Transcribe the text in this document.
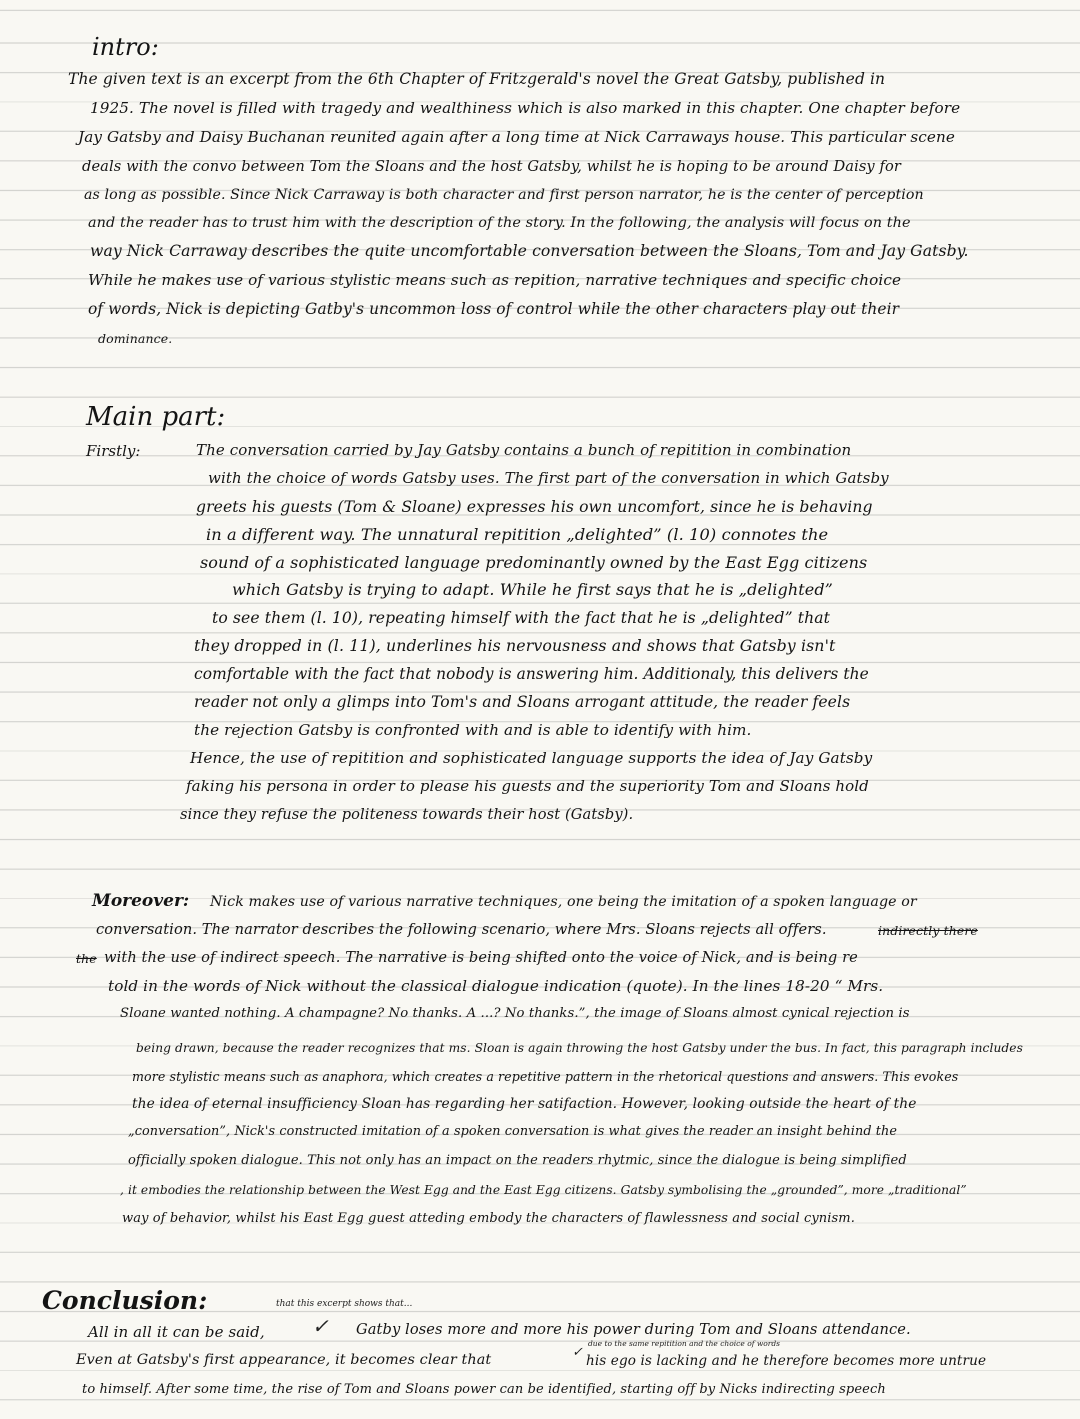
intro:
The given text is an excerpt from the 6th Chapter of Fritzgerald's novel the Great Gatsby, published in
1925. The novel is filled with tragedy and wealthiness which is also marked in this chapter. One chapter before
Jay Gatsby and Daisy Buchanan reunited again after a long time at Nick Carraways house. This particular scene
deals with the convo between Tom the Sloans and the host Gatsby, whilst he is hoping to be around Daisy for
as long as possible. Since Nick Carraway is both character and first person narrator, he is the center of perception
and the reader has to trust him with the description of the story. In the following, the analysis will focus on the
way Nick Carraway describes the quite uncomfortable conversation between the Sloans, Tom and Jay Gatsby.
While he makes use of various stylistic means such as repition, narrative techniques and specific choice
of words, Nick is depicting Gatby's uncommon loss of control while the other characters play out their
dominance.
Main part:
Firstly:	The conversation carried by Jay Gatsby contains a bunch of repitition in combination
with the choice of words Gatsby uses. The first part of the conversation in which Gatsby
greets his guests (Tom & Sloane) expresses his own uncomfort, since he is behaving
in a different way. The unnatural repitition „delighted” (l. 10) connotes the
sound of a sophisticated language predominantly owned by the East Egg citizens
which Gatsby is trying to adapt. While he first says that he is „delighted”
to see them (l. 10), repeating himself with the fact that he is „delighted” that
they dropped in (l. 11), underlines his nervousness and shows that Gatsby isn't
comfortable with the fact that nobody is answering him. Additionaly, this delivers the
reader not only a glimps into Tom's and Sloans arrogant attitude, the reader feels
the rejection Gatsby is confronted with and is able to identify with him.
Hence, the use of repitition and sophisticated language supports the idea of Jay Gatsby
faking his persona in order to please his guests and the superiority Tom and Sloans hold
since they refuse the politeness towards their host (Gatsby).
Moreover: Nick makes use of various narrative techniques, one being the imitation of a spoken language or
conversation. The narrator describes the following scenario, where Mrs. Sloans rejects all offers.	indirectly there
the with the use of indirect speech. The narrative is being shifted onto the voice of Nick, and is being re
told in the words of Nick without the classical dialogue indication (quote). In the lines 18-20 “ Mrs.
Sloane wanted nothing. A champagne? No thanks. A ...? No thanks.”, the image of Sloans almost cynical rejection is
being drawn, because the reader recognizes that ms. Sloan is again throwing the host Gatsby under the bus. In fact, this paragraph includes
more stylistic means such as anaphora, which creates a repetitive pattern in the rhetorical questions and answers. This evokes
the idea of eternal insufficiency Sloan has regarding her satifaction. However, looking outside the heart of the
„conversation”, Nick's constructed imitation of a spoken conversation is what gives the reader an insight behind the
officially spoken dialogue. This not only has an impact on the readers rhytmic, since the dialogue is being simplified
, it embodies the relationship between the West Egg and the East Egg citizens. Gatsby symbolising the „grounded”, more „traditional”
way of behavior, whilst his East Egg guest atteding embody the characters of flawlessness and social cynism.
Conclusion:	that this excerpt shows that...
due to the same repitition and the choice of words
All in all it can be said, ✓ Gatby loses more and more his power during Tom and Sloans attendance.
Even at Gatsby's first appearance, it becomes clear that	✓
his ego is lacking and he therefore becomes more untrue
to himself. After some time, the rise of Tom and Sloans power can be identified, starting off by Nicks indirecting speech
